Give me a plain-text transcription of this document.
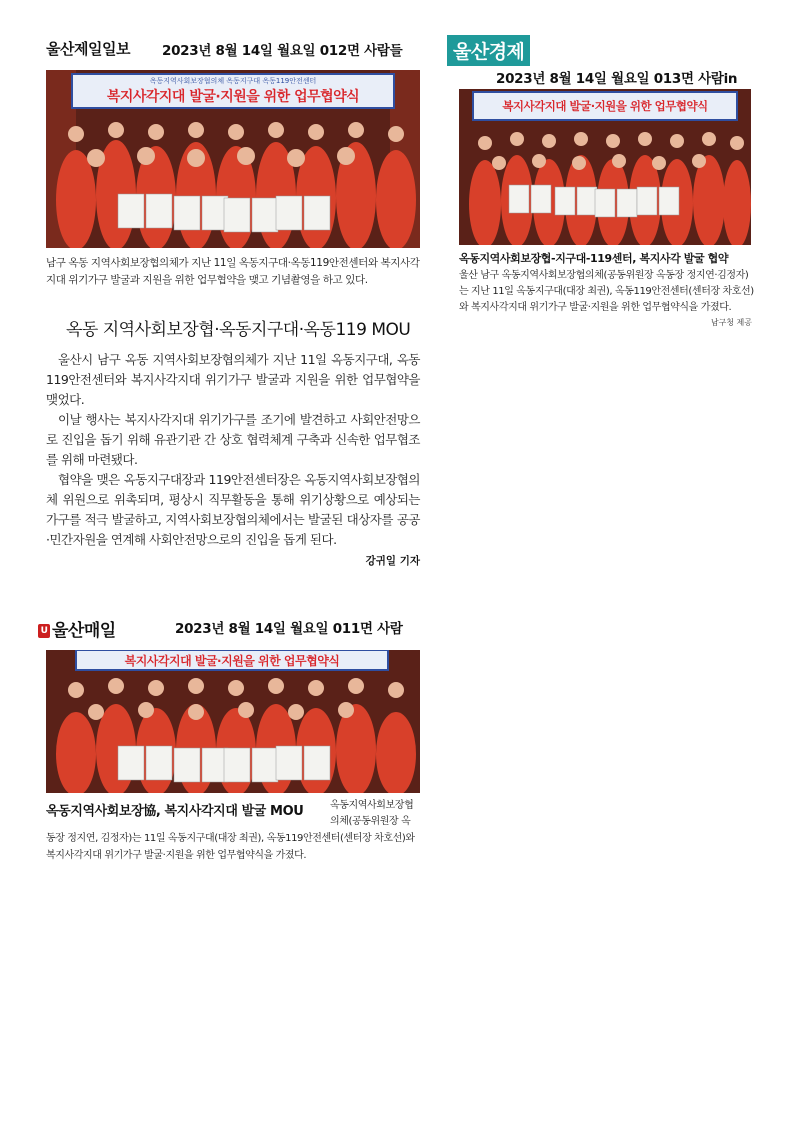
울산제일일보 2023년 8월 14일 월요일 012면 사람들
옥동지역사회보장협의체 옥동지구대 옥동119안전센터
복지사각지대 발굴·지원을 위한 업무협약식
남구 옥동 지역사회보장협의체가 지난 11일 옥동지구대·옥동119안전센터와 복지사각지대 위기가구 발굴과 지원을 위한 업무협약을 맺고 기념촬영을 하고 있다.
옥동 지역사회보장협·옥동지구대·옥동119 MOU

울산시 남구 옥동 지역사회보장협의체가 지난 11일 옥동지구대, 옥동119안전센터와 복지사각지대 위기가구 발굴과 지원을 위한 업무협약을 맺었다.

이날 행사는 복지사각지대 위기가구를 조기에 발견하고 사회안전망으로 진입을 돕기 위해 유관기관 간 상호 협력체계 구축과 신속한 업무협조를 위해 마련됐다.

협약을 맺은 옥동지구대장과 119안전센터장은 옥동지역사회보장협의체 위원으로 위촉되며, 평상시 직무활동을 통해 위기상황으로 예상되는 가구를 적극 발굴하고, 지역사회보장협의체에서는 발굴된 대상자를 공공·민간자원을 연계해 사회안전망으로의 진입을 돕게 된다.

강귀일 기자
울산경제
2023년 8월 14일 월요일 013면 사람in
복지사각지대 발굴·지원을 위한 업무협약식
옥동지역사회보장협-지구대-119센터, 복지사각 발굴 협약
울산 남구 옥동지역사회보장협의체(공동위원장 옥동장 정지연·김정자)는 지난 11일 옥동지구대(대장 최권), 옥동119안전센터(센터장 차호선)와 복지사각지대 위기가구 발굴·지원을 위한 업무협약식을 가졌다.
남구청 제공
U 울산매일	2023년 8월 14일 월요일 011면 사람
복지사각지대 발굴·지원을 위한 업무협약식
옥동지역사회보장協, 복지사각지대 발굴 MOU	옥동지역사회보장협의체(공동위원장 옥
동장 정지연, 김정자)는 11일 옥동지구대(대장 최권), 옥동119안전센터(센터장 차호선)와 복지사각지대 위기가구 발굴·지원을 위한 업무협약식을 가졌다.
